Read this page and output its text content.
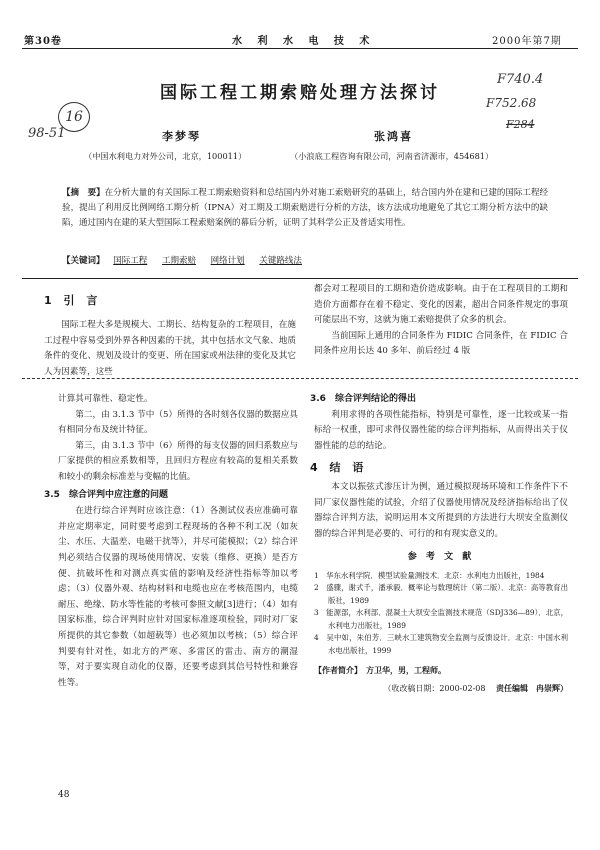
第30卷	水 利 水 电 技 术	2000年第7期
16
98-51
F740.4
F752.68
F284
国际工程工期索赔处理方法探讨
李梦琴
（中国水利电力对外公司，北京，100011）
张鸿喜
（小浪底工程咨询有限公司，河南省济源市，454681）
【摘　要】在分析大量的有关国际工程工期索赔资料和总结国内外对施工索赔研究的基础上，结合国内外在建和已建的国际工程经验，提出了利用反比例网络工期分析（IPNA）对工期及工期索赔进行分析的方法，该方法成功地避免了其它工期分析方法中的缺陷，通过国内在建的某大型国际工程索赔案例的幕后分析，证明了其科学公正及普适实用性。
【关键词】 国际工程 工期索赔 网络计划 关键路线法
1 引 言

国际工程大多是规模大、工期长、结构复杂的工程项目，在施工过程中容易受到外界各种因素的干扰，其中包括水文气象、地质条件的变化、规划及设计的变更、所在国家或州法律的变化及其它人为因素等，这些

都会对工程项目的工期和造价造成影响。由于在工程项目的工期和造价方面都存在着不稳定、变化的因素，超出合同条件规定的事项可能层出不穷，这就为施工索赔提供了众多的机会。

当前国际上通用的合同条件为 FIDIC 合同条件，在 FIDIC 合同条件应用长达 40 多年、前后经过 4 版

计算其可靠性、稳定性。

第二，由 3.1.3 节中（5）所得的各时刻各仪器的数据应具有相同分布及统计特征。

第三，由 3.1.3 节中（6）所得的每支仪器的回归系数应与厂家提供的相应系数相等，且回归方程应有较高的复相关系数和较小的剩余标准差与变幅的比值。

3.5　综合评判中应注意的问题

在进行综合评判时应该注意：（1）各测试仪表应准确可靠并应定期率定，同时要考虑到工程现场的各种不利工况（如灰尘、水压、大温差、电磁干扰等），并尽可能模拟；（2）综合评判必须结合仪器的现场使用情况、安装（维修、更换）是否方便、抗破坏性和对测点真实值的影响及经济性指标等加以考虑；（3）仪器外观、结构材料和电缆也应在考核范围内，电缆耐压、绝缘、防水等性能的考核可参照文献[3]进行；（4）如有国家标准，综合评判时应针对国家标准逐项检验，同时对厂家所提供的其它参数（如超载等）也必须加以考核；（5）综合评判要有针对性，如北方的严寒、多雷区的雷击、南方的潮湿等，对于要实现自动化的仪器，还要考虑到其信号特性和兼容性等。

48
3.6　综合评判结论的得出

利用求得的各项性能指标，特别是可靠性，逐一比较或某一指标给一权重，即可求得仪器性能的综合评判指标，从而得出关于仪器性能的总的结论。

4 结 语

本文以振弦式渗压计为例，通过模拟现场环境和工作条件下不同厂家仪器性能的试验，介绍了仪器使用情况及经济指标给出了仪器综合评判方法，说明运用本文所提到的方法进行大坝安全监测仪器的综合评判是必要的、可行的和有现实意义的。

参 考 文 献
1　华东水利学院．模型试验量测技术．北京：水利电力出版社，1984
2　盛骤，谢式千，潘承毅．概率论与数理统计（第二版）．北京：高等教育出版社，1989
3　能源部，水利部．混凝土大坝安全监测技术规范（SDJ336—89）．北京，水利电力出版社，1989
4　吴中如，朱伯芳．三峡水工建筑物安全监测与反馈设计．北京：中国水利水电出版社，1999
【作者简介】　方卫华，男，工程师。
（收改稿日期：2000-02-08 责任编辑　冉崇辉）
